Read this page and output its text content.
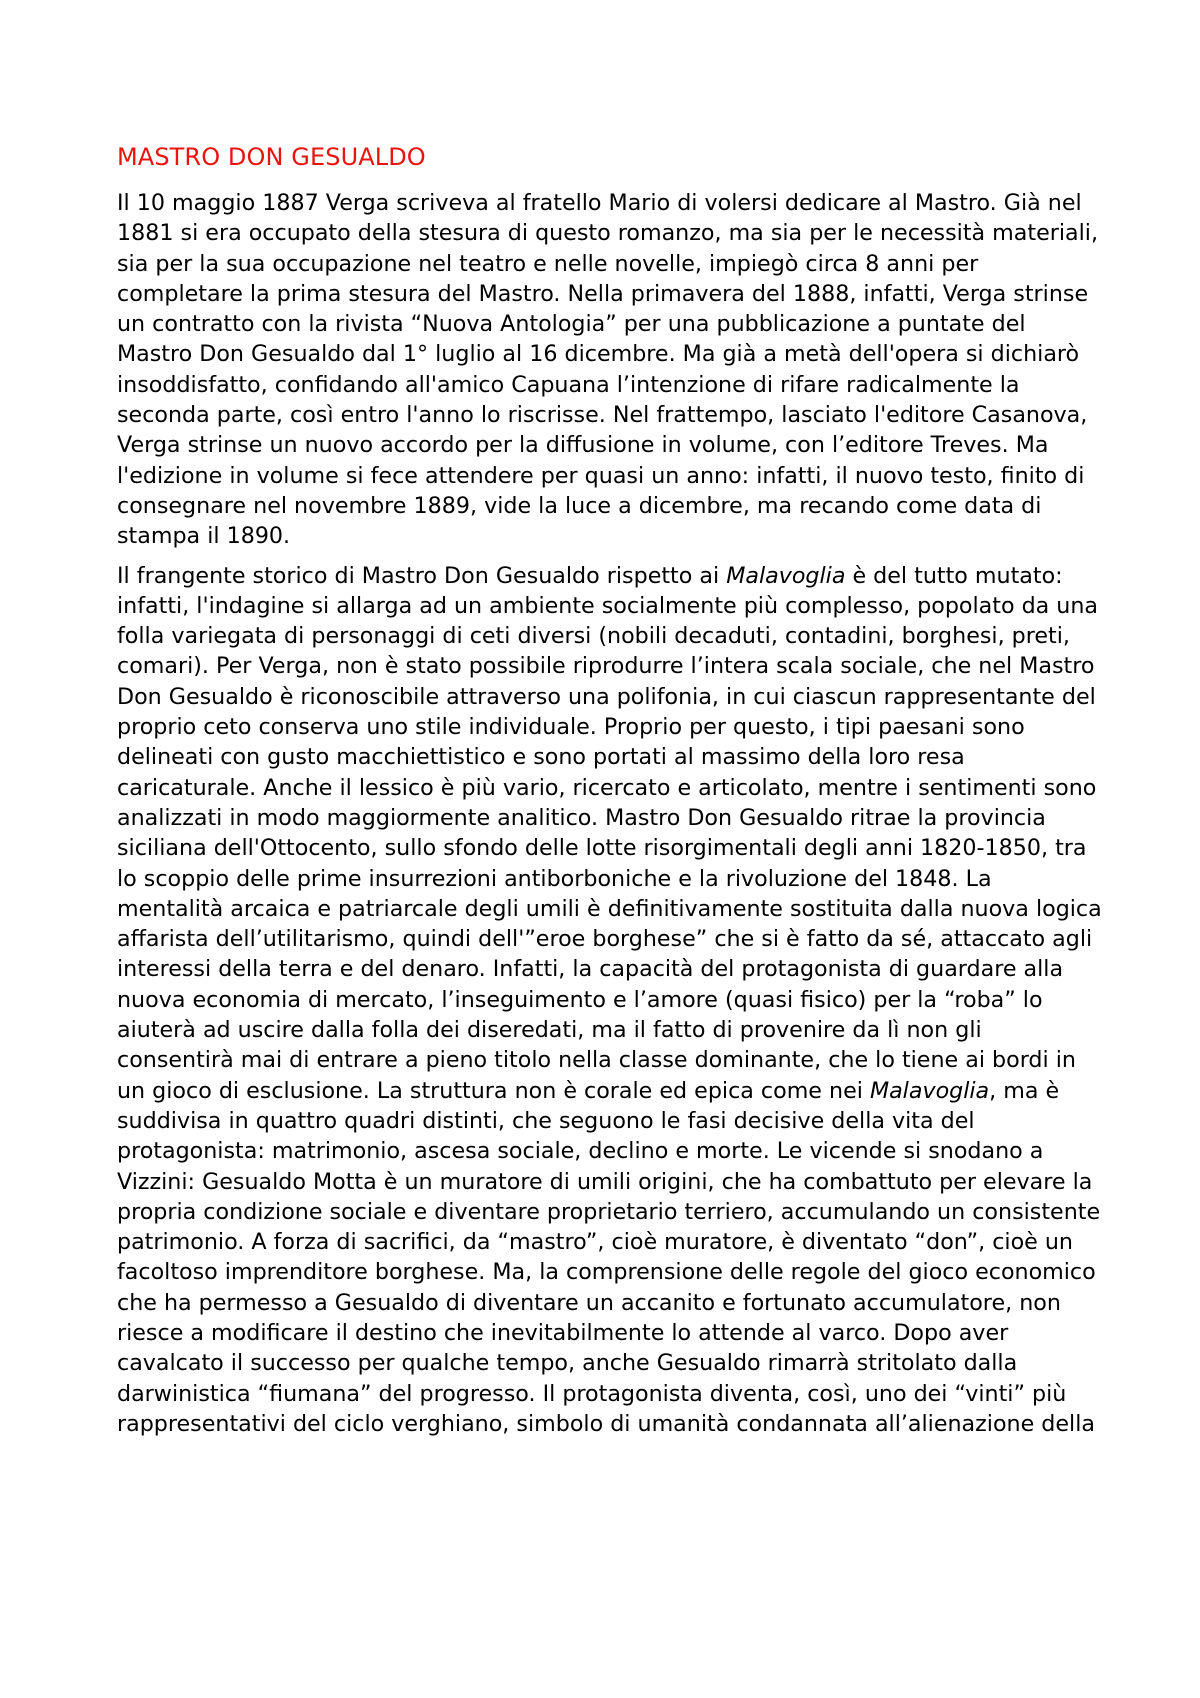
MASTRO DON GESUALDO

Il 10 maggio 1887 Verga scriveva al fratello Mario di volersi dedicare al Mastro. Già nel 1881 si era occupato della stesura di questo romanzo, ma sia per le necessità materiali, sia per la sua occupazione nel teatro e nelle novelle, impiegò circa 8 anni per completare la prima stesura del Mastro. Nella primavera del 1888, infatti, Verga strinse un contratto con la rivista “Nuova Antologia” per una pubblicazione a puntate del Mastro Don Gesualdo dal 1° luglio al 16 dicembre. Ma già a metà dell'opera si dichiarò insoddisfatto, confidando all'amico Capuana l’intenzione di rifare radicalmente la seconda parte, così entro l'anno lo riscrisse. Nel frattempo, lasciato l'editore Casanova, Verga strinse un nuovo accordo per la diffusione in volume, con l’editore Treves. Ma l'edizione in volume si fece attendere per quasi un anno: infatti, il nuovo testo, finito di consegnare nel novembre 1889, vide la luce a dicembre, ma recando come data di stampa il 1890.

Il frangente storico di Mastro Don Gesualdo rispetto ai Malavoglia è del tutto mutato: infatti, l'indagine si allarga ad un ambiente socialmente più complesso, popolato da una folla variegata di personaggi di ceti diversi (nobili decaduti, contadini, borghesi, preti, comari). Per Verga, non è stato possibile riprodurre l’intera scala sociale, che nel Mastro Don Gesualdo è riconoscibile attraverso una polifonia, in cui ciascun rappresentante del proprio ceto conserva uno stile individuale. Proprio per questo, i tipi paesani sono delineati con gusto macchiettistico e sono portati al massimo della loro resa caricaturale. Anche il lessico è più vario, ricercato e articolato, mentre i sentimenti sono analizzati in modo maggiormente analitico. Mastro Don Gesualdo ritrae la provincia siciliana dell'Ottocento, sullo sfondo delle lotte risorgimentali degli anni 1820-1850, tra lo scoppio delle prime insurrezioni antiborboniche e la rivoluzione del 1848. La mentalità arcaica e patriarcale degli umili è definitivamente sostituita dalla nuova logica affarista dell’utilitarismo, quindi dell'”eroe borghese” che si è fatto da sé, attaccato agli interessi della terra e del denaro. Infatti, la capacità del protagonista di guardare alla nuova economia di mercato, l’inseguimento e l’amore (quasi fisico) per la “roba” lo aiuterà ad uscire dalla folla dei diseredati, ma il fatto di provenire da lì non gli consentirà mai di entrare a pieno titolo nella classe dominante, che lo tiene ai bordi in un gioco di esclusione. La struttura non è corale ed epica come nei Malavoglia, ma è suddivisa in quattro quadri distinti, che seguono le fasi decisive della vita del protagonista: matrimonio, ascesa sociale, declino e morte. Le vicende si snodano a Vizzini: Gesualdo Motta è un muratore di umili origini, che ha combattuto per elevare la propria condizione sociale e diventare proprietario terriero, accumulando un consistente patrimonio. A forza di sacrifici, da “mastro”, cioè muratore, è diventato “don”, cioè un facoltoso imprenditore borghese. Ma, la comprensione delle regole del gioco economico che ha permesso a Gesualdo di diventare un accanito e fortunato accumulatore, non riesce a modificare il destino che inevitabilmente lo attende al varco. Dopo aver cavalcato il successo per qualche tempo, anche Gesualdo rimarrà stritolato dalla darwinistica “fiumana” del progresso. Il protagonista diventa, così, uno dei “vinti” più rappresentativi del ciclo verghiano, simbolo di umanità condannata all’alienazione della
